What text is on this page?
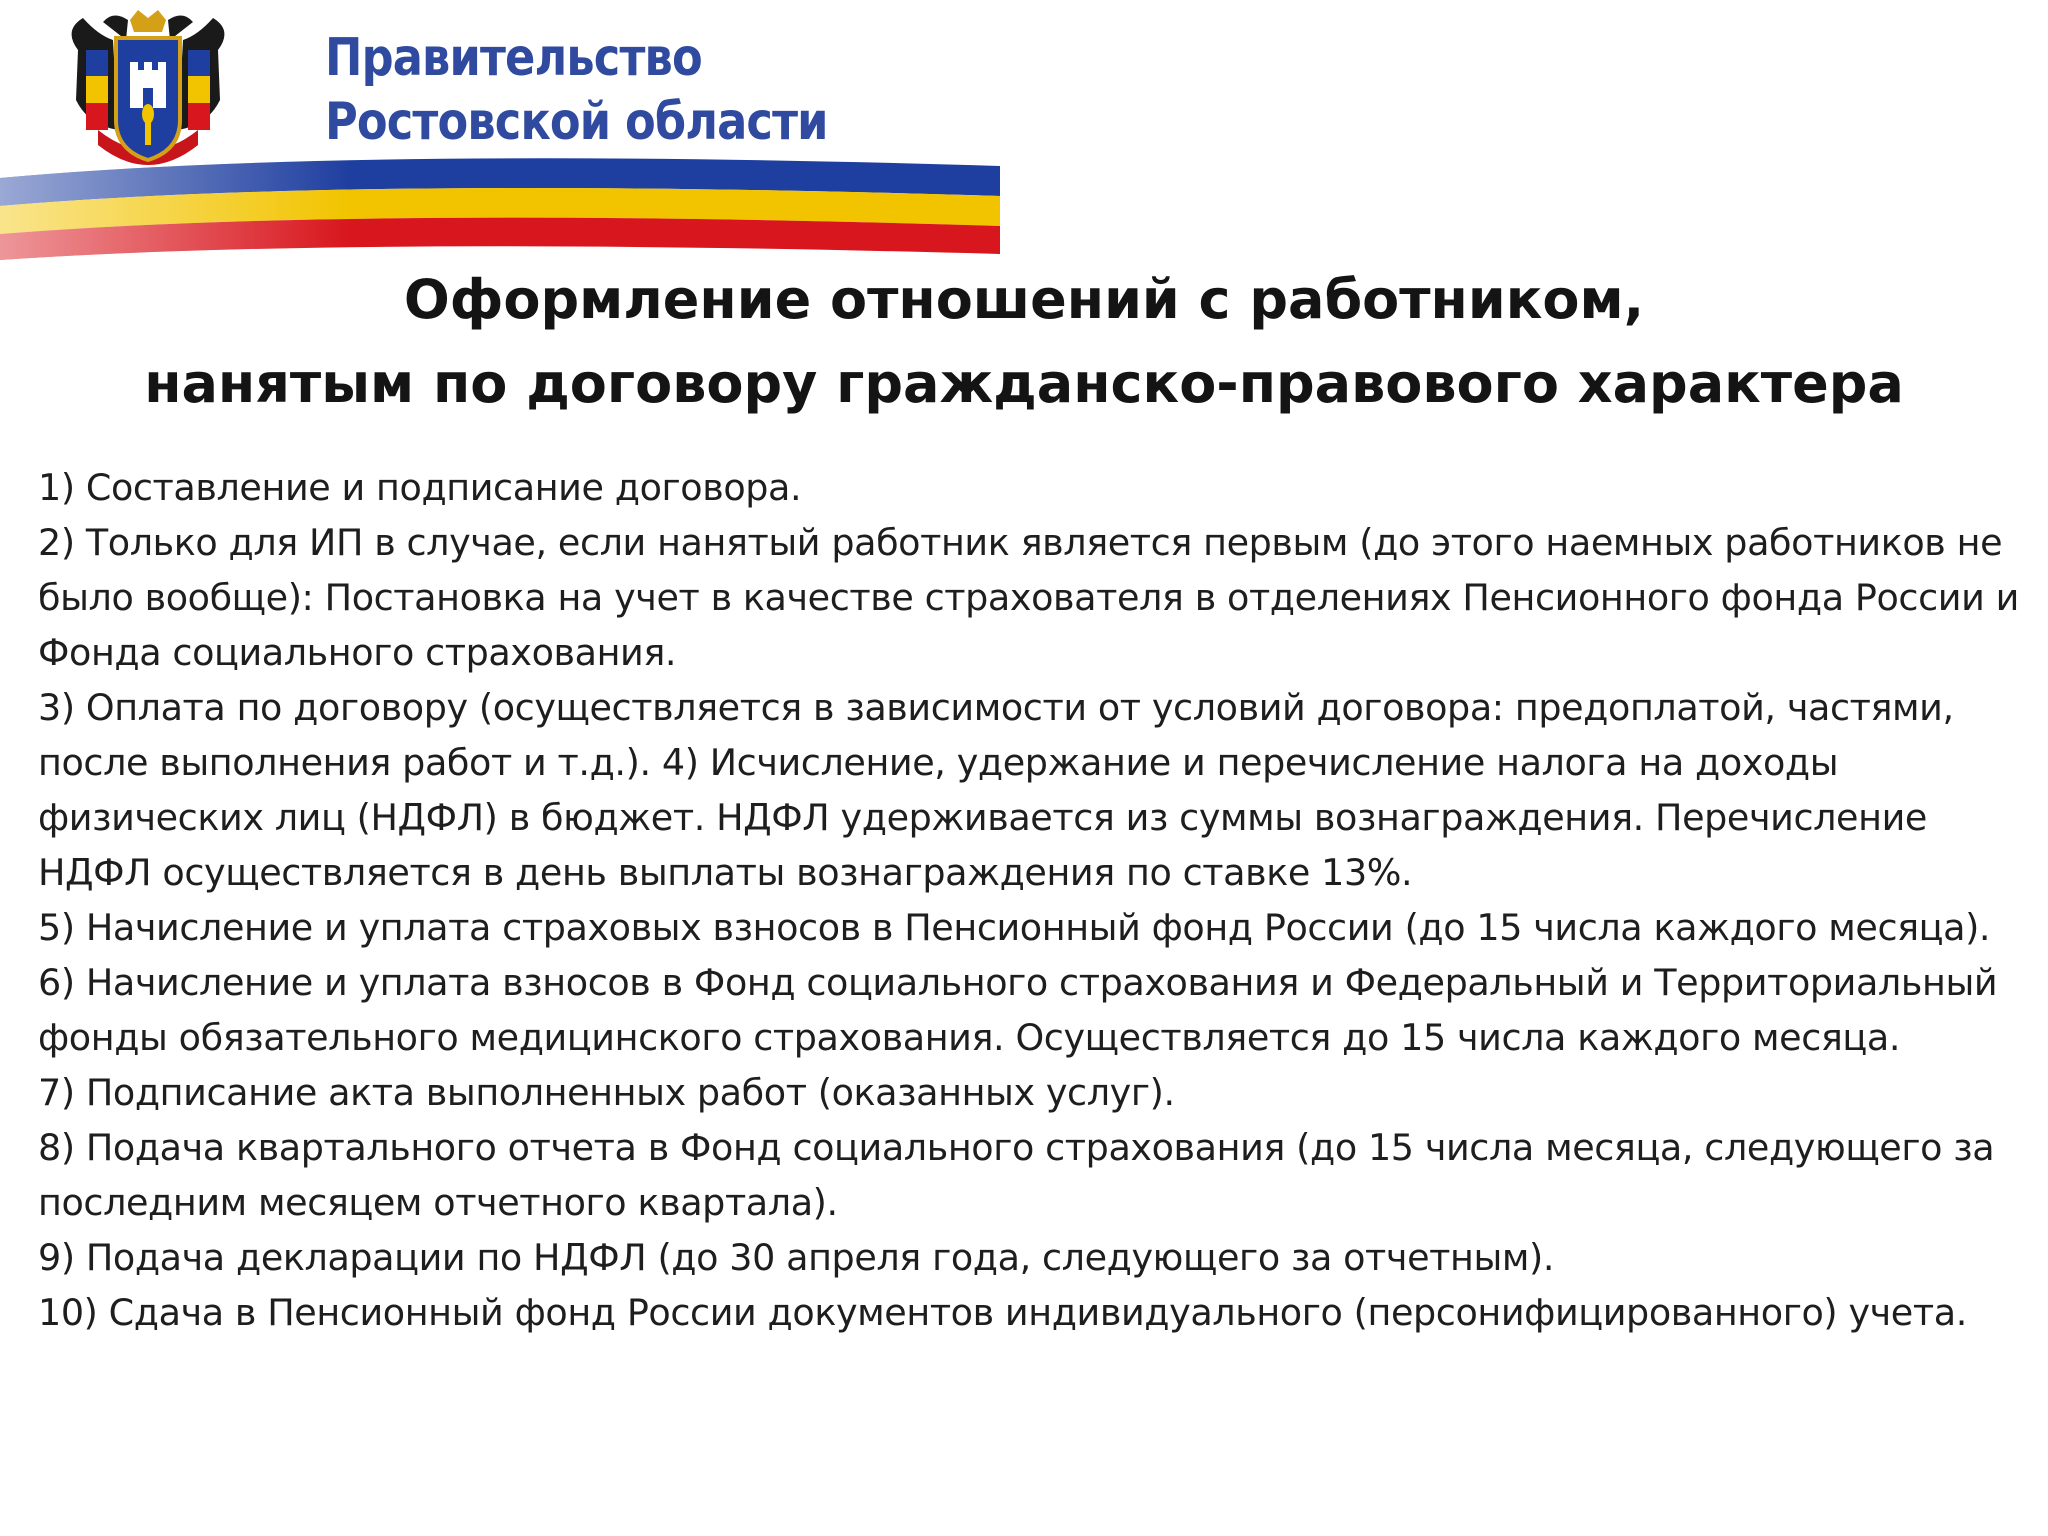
Правительство
Ростовской области
Оформление отношений с работником,
нанятым по договору гражданско-правового характера

1) Составление и подписание договора.

2) Только для ИП в случае, если нанятый работник является первым (до этого наемных работников не было вообще): Постановка на учет в качестве страхователя в отделениях Пенсионного фонда России и Фонда социального страхования.

3) Оплата по договору (осуществляется в зависимости от условий договора: предоплатой, частями, после выполнения работ и т.д.). 4) Исчисление, удержание и перечисление налога на доходы физических лиц (НДФЛ) в бюджет. НДФЛ удерживается из суммы вознаграждения. Перечисление НДФЛ осуществляется в день выплаты вознаграждения по ставке 13%.

5) Начисление и уплата страховых взносов в Пенсионный фонд России (до 15 числа каждого месяца).

6) Начисление и уплата взносов в Фонд социального страхования и Федеральный и Территориальный фонды обязательного медицинского страхования. Осуществляется до 15 числа каждого месяца.

7) Подписание акта выполненных работ (оказанных услуг).

8) Подача квартального отчета в Фонд социального страхования (до 15 числа месяца, следующего за последним месяцем отчетного квартала).

9) Подача декларации по НДФЛ (до 30 апреля года, следующего за отчетным).

10) Сдача в Пенсионный фонд России документов индивидуального (персонифицированного) учета.
